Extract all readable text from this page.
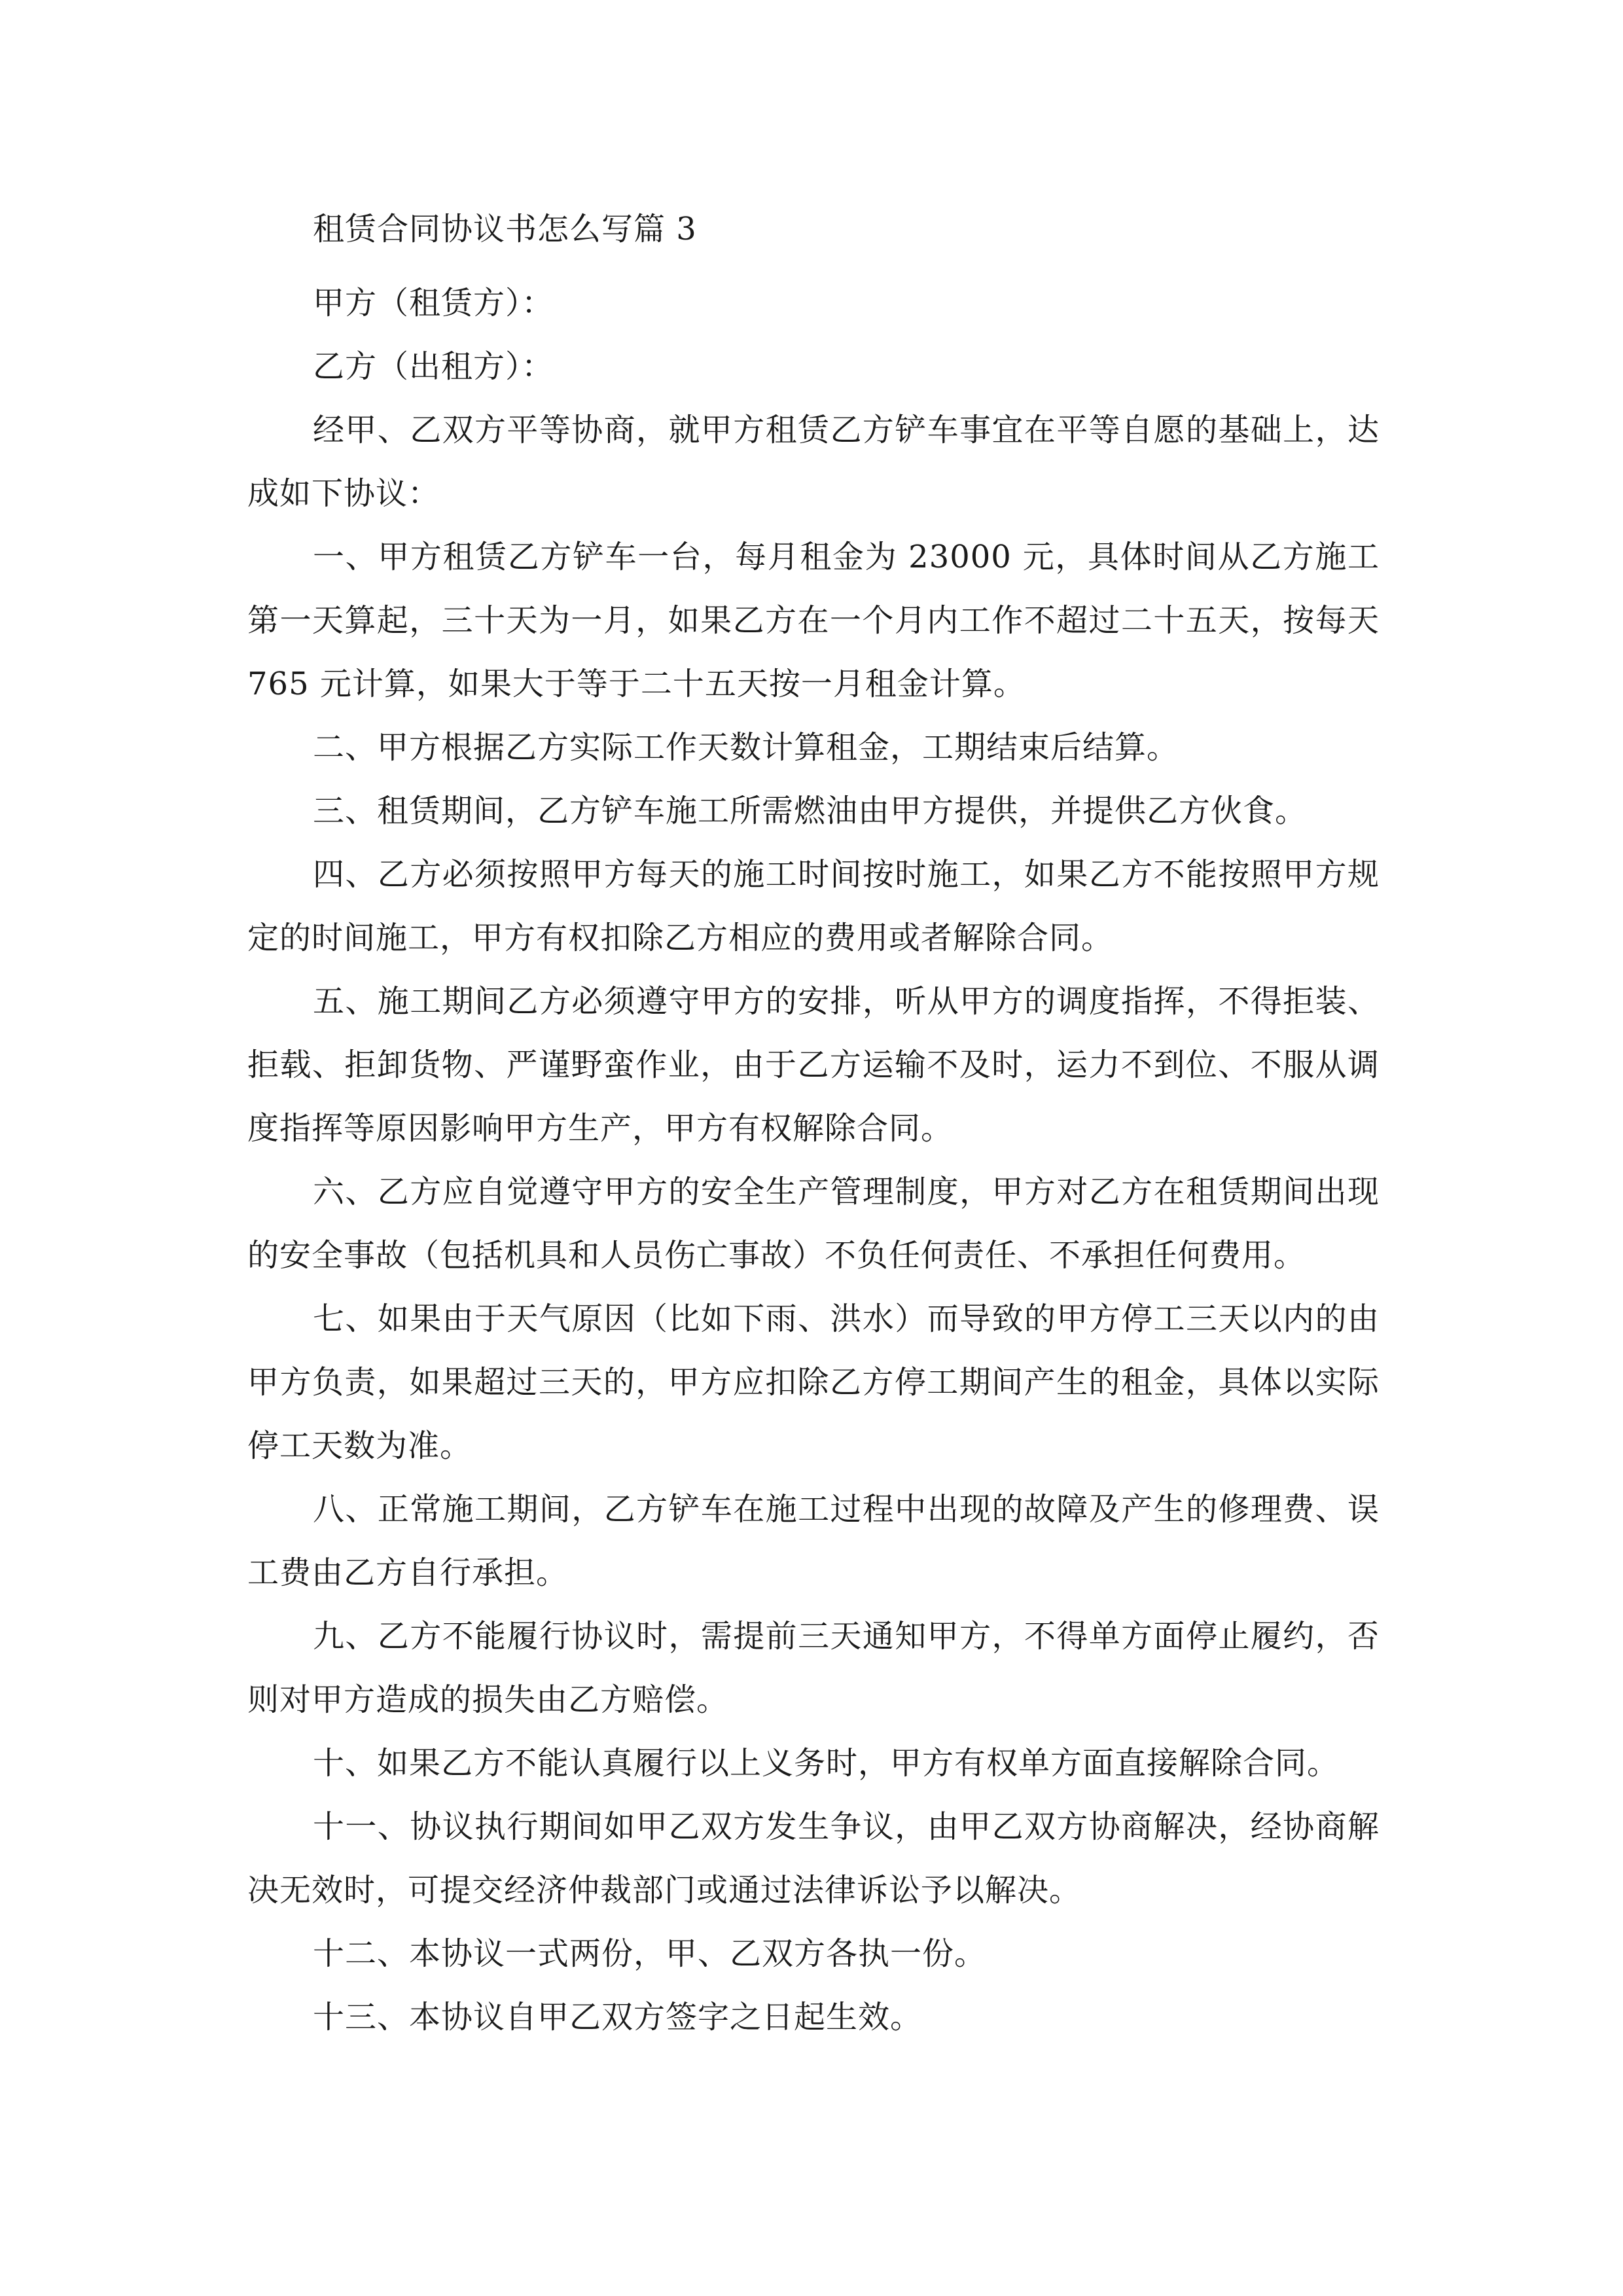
租赁合同协议书怎么写篇 3

甲方（租赁方）：

乙方（出租方）：

经甲、乙双方平等协商，就甲方租赁乙方铲车事宜在平等自愿的基础上，达成如下协议：

一、甲方租赁乙方铲车一台，每月租金为 23000 元，具体时间从乙方施工第一天算起，三十天为一月，如果乙方在一个月内工作不超过二十五天，按每天 765 元计算，如果大于等于二十五天按一月租金计算。

二、甲方根据乙方实际工作天数计算租金，工期结束后结算。

三、租赁期间，乙方铲车施工所需燃油由甲方提供，并提供乙方伙食。

四、乙方必须按照甲方每天的施工时间按时施工，如果乙方不能按照甲方规定的时间施工，甲方有权扣除乙方相应的费用或者解除合同。

五、施工期间乙方必须遵守甲方的安排，听从甲方的调度指挥，不得拒装、拒载、拒卸货物、严谨野蛮作业，由于乙方运输不及时，运力不到位、不服从调度指挥等原因影响甲方生产，甲方有权解除合同。

六、乙方应自觉遵守甲方的安全生产管理制度，甲方对乙方在租赁期间出现的安全事故（包括机具和人员伤亡事故）不负任何责任、不承担任何费用。

七、如果由于天气原因（比如下雨、洪水）而导致的甲方停工三天以内的由甲方负责，如果超过三天的，甲方应扣除乙方停工期间产生的租金，具体以实际停工天数为准。

八、正常施工期间，乙方铲车在施工过程中出现的故障及产生的修理费、误工费由乙方自行承担。

九、乙方不能履行协议时，需提前三天通知甲方，不得单方面停止履约，否则对甲方造成的损失由乙方赔偿。

十、如果乙方不能认真履行以上义务时，甲方有权单方面直接解除合同。

十一、协议执行期间如甲乙双方发生争议，由甲乙双方协商解决，经协商解决无效时，可提交经济仲裁部门或通过法律诉讼予以解决。

十二、本协议一式两份，甲、乙双方各执一份。

十三、本协议自甲乙双方签字之日起生效。
